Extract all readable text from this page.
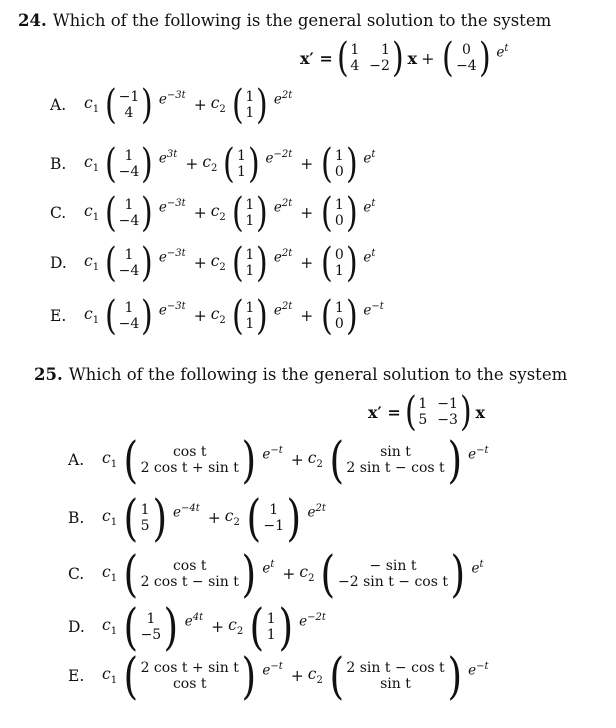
24. Which of the following is the general solution to the system
x′ = ( 1	1
4 −2 ) x + ( 0
−4 ) $e^t$
A.	$c_1$ ( −1
4 ) $e^{-3t}$
+ $c_2$ ( 1
1 ) $e^{2t}$
B.	$c_1$ ( 1
−4 ) $e^{3t}$
+ $c_2$ ( 1
1 ) $e^{-2t}$
+ ( 1
0 ) $e^t$
C.	$c_1$ ( 1
−4 ) $e^{-3t}$
+ $c_2$ ( 1
1 ) $e^{2t}$
+ ( 1
0 ) $e^t$
D.	$c_1$ ( 1
−4 ) $e^{-3t}$
+ $c_2$ ( 1
1 ) $e^{2t}$
+ ( 0
1 ) $e^t$
E.	$c_1$ ( 1
−4 ) $e^{-3t}$
+ $c_2$ ( 1
1 ) $e^{2t}$
+ ( 1
0 ) $e^{-t}$
25. Which of the following is the general solution to the system
x′ = ( 1 −1
5 −3 ) x
A.	$c_1$ ( cos t
2 cos t + sin t ) $e^{-t}$
+ $c_2$ (	sin t
2 sin t − cos t ) $e^{-t}$
B.	$c_1$ ( 1
5 ) $e^{-4t}$
+ $c_2$ ( 1
−1 ) $e^{2t}$
C.	$c_1$ ( cos t
2 cos t − sin t ) $e^t$
+ $c_2$ ( − sin t
−2 sin t − cos t ) $e^t$
D.	$c_1$ ( 1
−5 ) $e^{4t}$
+ $c_2$ ( 1
1 ) $e^{-2t}$
E.	$c_1$ ( 2 cos t + sin t
cos t ) $e^{-t}$
+ $c_2$ ( 2 sin t − cos t
sin t ) $e^{-t}$
